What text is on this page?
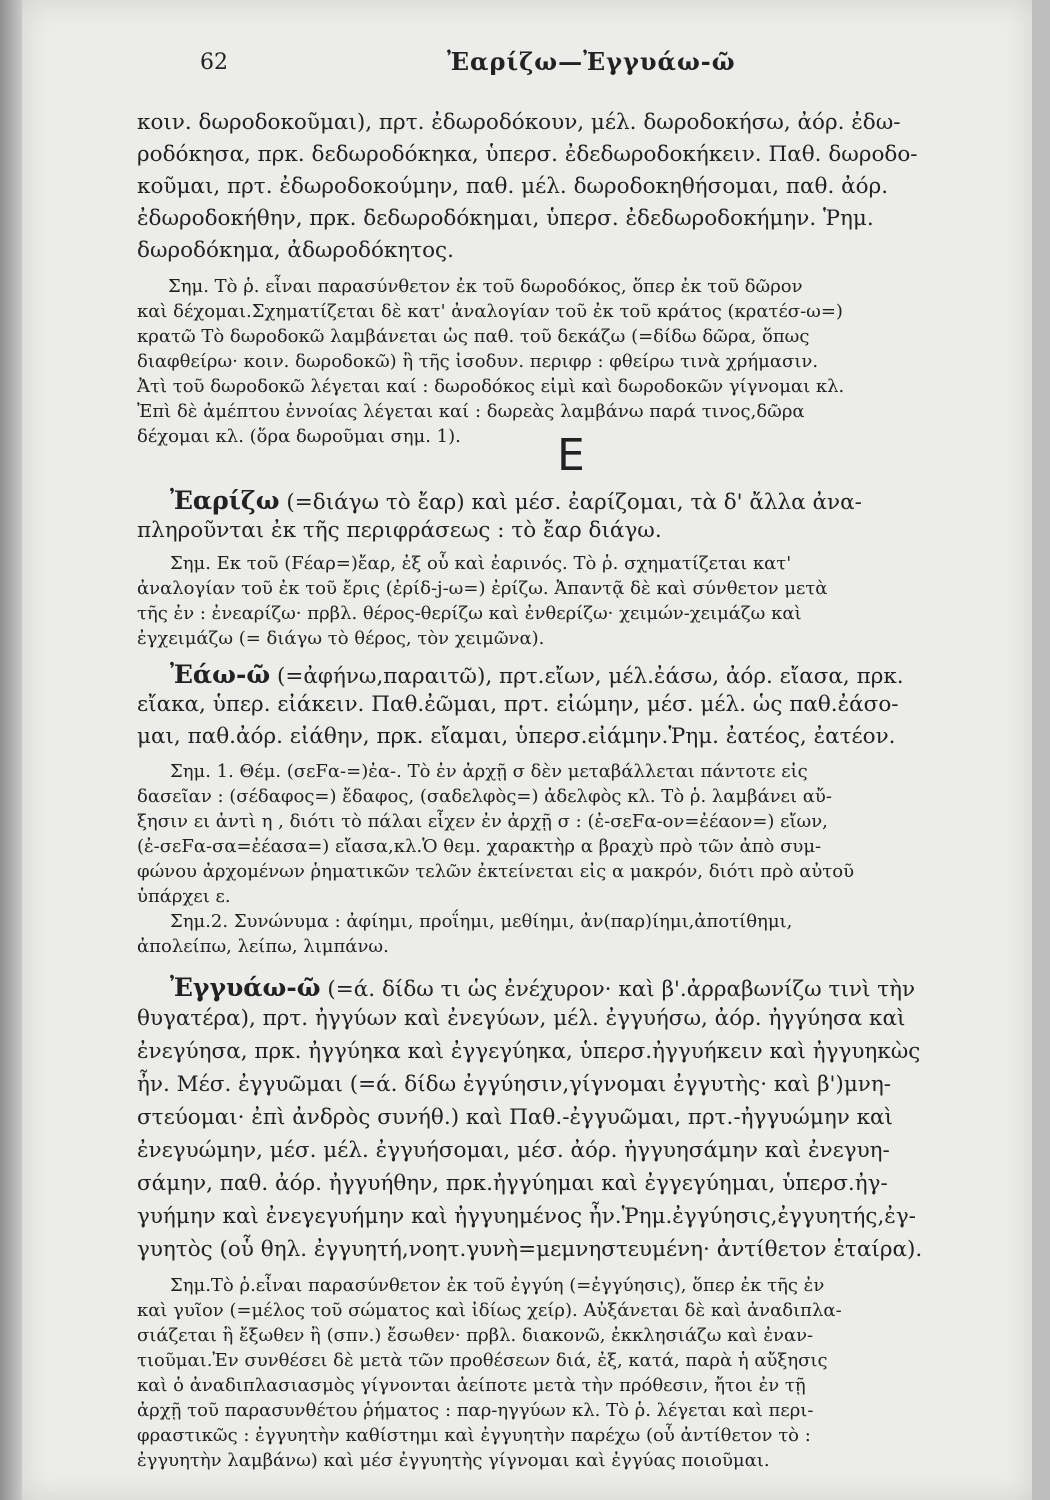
62	Ἐαρίζω—Ἐγγυάω-ῶ
κοιν. δωροδοκοῦμαι), πρτ. ἐδωροδόκουν, μέλ. δωροδοκήσω, ἀόρ. ἐδω-
ροδόκησα, πρκ. δεδωροδόκηκα, ὑπερσ. ἐδεδωροδοκήκειν. Παθ. δωροδο-
κοῦμαι, πρτ. ἐδωροδοκούμην, παθ. μέλ. δωροδοκηθήσομαι, παθ. ἀόρ.
ἐδωροδοκήθην, πρκ. δεδωροδόκημαι, ὑπερσ. ἐδεδωροδοκήμην. Ῥημ.
δωροδόκημα, ἀδωροδόκητος.
Σημ. Τὸ ῥ. εἶναι παρασύνθετον ἐκ τοῦ δωροδόκος, ὅπερ ἐκ τοῦ δῶρον
καὶ δέχομαι.Σχηματίζεται δὲ κατ' ἀναλογίαν τοῦ ἐκ τοῦ κράτος (κρατέσ-ω=)
κρατῶ Τὸ δωροδοκῶ λαμβάνεται ὡς παθ. τοῦ δεκάζω (=δίδω δῶρα, ὅπως
διαφθείρω· κοιν. δωροδοκῶ) ἢ τῆς ἰσοδυν. περιφρ : φθείρω τινὰ χρήμασιν.
Ἀτὶ τοῦ δωροδοκῶ λέγεται καί : δωροδόκος εἰμὶ καὶ δωροδοκῶν γίγνομαι κλ.
Ἐπὶ δὲ ἀμέπτου ἐννοίας λέγεται καί : δωρεὰς λαμβάνω παρά τινος,δῶρα
δέχομαι κλ. (ὅρα δωροῦμαι σημ. 1). Ε
Ἐαρίζω (=διάγω τὸ ἔαρ) καὶ μέσ. ἐαρίζομαι, τὰ δ' ἄλλα ἀνα-
πληροῦνται ἐκ τῆς περιφράσεως : τὸ ἔαρ διάγω.
Σημ. Εκ τοῦ (Fέαρ=)ἔαρ, ἐξ οὗ καὶ ἐαρινός. Τὸ ῥ. σχηματίζεται κατ'
ἀναλογίαν τοῦ ἐκ τοῦ ἔρις (ἐρίδ-j-ω=) ἐρίζω. Ἀπαντᾷ δὲ καὶ σύνθετον μετὰ
τῆς ἐν : ἐνεαρίζω· πρβλ. θέρος-θερίζω καὶ ἐνθερίζω· χειμών-χειμάζω καὶ
ἐγχειμάζω (= διάγω τὸ θέρος, τὸν χειμῶνα).
Ἐάω-ῶ (=ἀφήνω,παραιτῶ), πρτ.εἴων, μέλ.ἐάσω, ἀόρ. εἴασα, πρκ.
εἴακα, ὑπερ. εἰάκειν. Παθ.ἐῶμαι, πρτ. εἰώμην, μέσ. μέλ. ὡς παθ.ἐάσο-
μαι, παθ.ἀόρ. εἰάθην, πρκ. εἴαμαι, ὑπερσ.εἰάμην.Ῥημ. ἐατέος, ἐατέον.
Σημ. 1. Θέμ. (σεFα-=)ἐα-. Τὸ ἐν ἀρχῇ σ δὲν μεταβάλλεται πάντοτε εἰς
δασεῖαν : (σέδαφος=) ἔδαφος, (σαδελφὸς=) ἀδελφὸς κλ. Τὸ ῥ. λαμβάνει αὔ-
ξησιν ει ἀντὶ η , διότι τὸ πάλαι εἶχεν ἐν ἀρχῇ σ : (ἐ-σεFα-ον=ἐέαον=) εἴων,
(ἐ-σεFα-σα=ἐέασα=) εἴασα,κλ.Ὁ θεμ. χαρακτὴρ α βραχὺ πρὸ τῶν ἀπὸ συμ-
φώνου ἀρχομένων ῥηματικῶν τελῶν ἐκτείνεται εἰς α μακρόν, διότι πρὸ αὐτοῦ
ὑπάρχει ε.
Σημ.2. Συνώνυμα : ἀφίημι, προΐημι, μεθίημι, ἀν(παρ)ίημι,ἀποτίθημι,
ἀπολείπω, λείπω, λιμπάνω.
Ἐγγυάω-ῶ (=ά. δίδω τι ὡς ἐνέχυρον· καὶ β'.ἀρραβωνίζω τινὶ τὴν
θυγατέρα), πρτ. ἠγγύων καὶ ἐνεγύων, μέλ. ἐγγυήσω, ἀόρ. ἠγγύησα καὶ
ἐνεγύησα, πρκ. ἠγγύηκα καὶ ἐγγεγύηκα, ὑπερσ.ἠγγυήκειν καὶ ἠγγυηκὼς
ἦν. Μέσ. ἐγγυῶμαι (=ά. δίδω ἐγγύησιν,γίγνομαι ἐγγυτὴς· καὶ β')μνη-
στεύομαι· ἐπὶ ἀνδρὸς συνήθ.) καὶ Παθ.-ἐγγυῶμαι, πρτ.-ἠγγυώμην καὶ
ἐνεγυώμην, μέσ. μέλ. ἐγγυήσομαι, μέσ. ἀόρ. ἠγγυησάμην καὶ ἐνεγυη-
σάμην, παθ. ἀόρ. ἠγγυήθην, πρκ.ἠγγύημαι καὶ ἐγγεγύημαι, ὑπερσ.ἠγ-
γυήμην καὶ ἐνεγεγυήμην καὶ ἠγγυημένος ἦν.Ῥημ.ἐγγύησις,ἐγγυητής,ἐγ-
γυητὸς (οὗ θηλ. ἐγγυητή,νοητ.γυνὴ=μεμνηστευμένη· ἀντίθετον ἑταίρα).
Σημ.Τὸ ῥ.εἶναι παρασύνθετον ἐκ τοῦ ἐγγύη (=ἐγγύησις), ὅπερ ἐκ τῆς ἐν
καὶ γυῖον (=μέλος τοῦ σώματος καὶ ἰδίως χείρ). Αὐξάνεται δὲ καὶ ἀναδιπλα-
σιάζεται ἢ ἔξωθεν ἢ (σπν.) ἔσωθεν· πρβλ. διακονῶ, ἐκκλησιάζω καὶ ἐναν-
τιοῦμαι.Ἐν συνθέσει δὲ μετὰ τῶν προθέσεων διά, ἐξ, κατά, παρὰ ἡ αὔξησις
καὶ ὁ ἀναδιπλασιασμὸς γίγνονται ἀείποτε μετὰ τὴν πρόθεσιν, ἤτοι ἐν τῇ
ἀρχῇ τοῦ παρασυνθέτου ῥήματος : παρ-ηγγύων κλ. Τὸ ῥ. λέγεται καὶ περι-
φραστικῶς : ἐγγυητὴν καθίστημι καὶ ἐγγυητὴν παρέχω (οὗ ἀντίθετον τὸ :
ἐγγυητὴν λαμβάνω) καὶ μέσ ἐγγυητὴς γίγνομαι καὶ ἐγγύας ποιοῦμαι.
